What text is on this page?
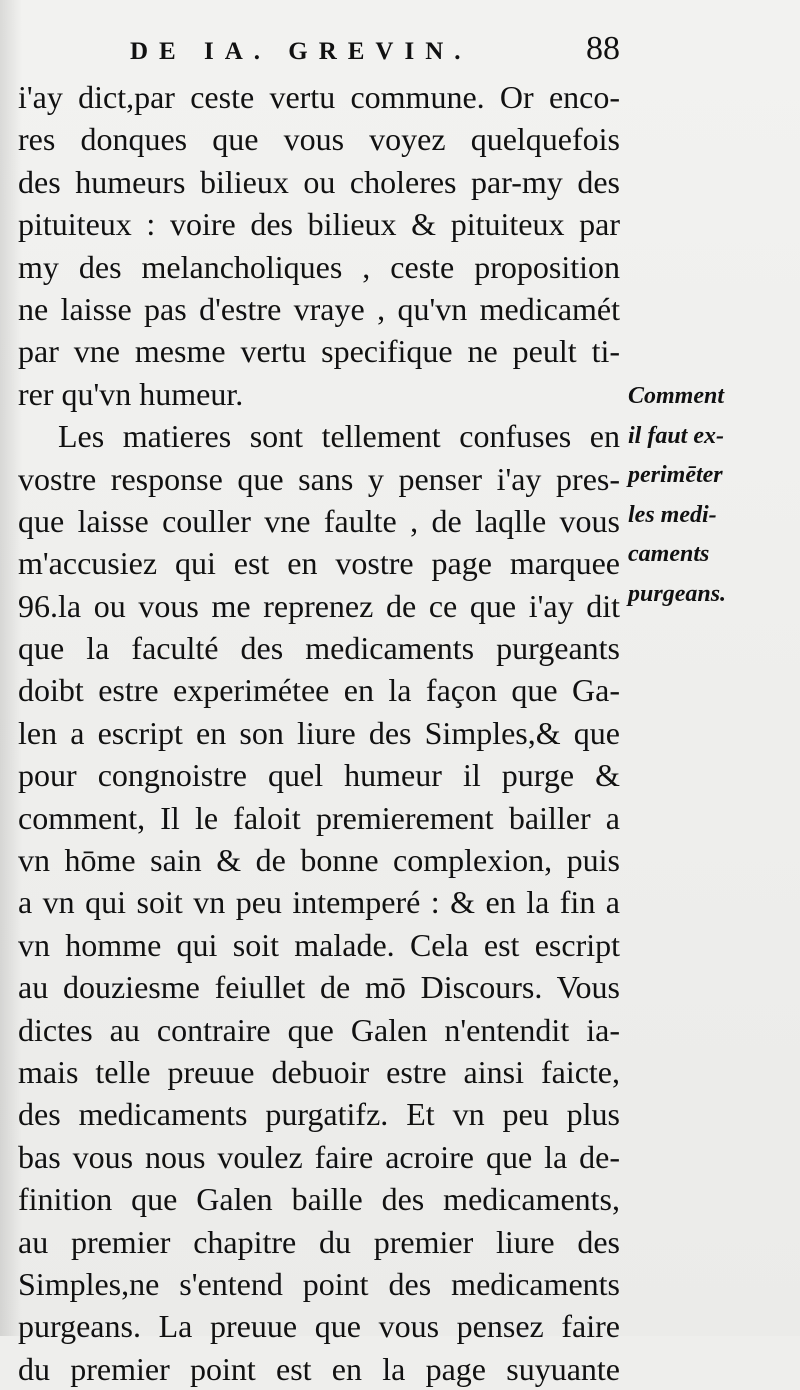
DE IA. GREVIN.	88
i'ay dict,par ceste vertu commune. Or enco-
res donques que vous voyez quelquefois
des humeurs bilieux ou choleres par-my des
pituiteux : voire des bilieux & pituiteux par
my des melancholiques , ceste proposition
ne laisse pas d'estre vraye , qu'vn medicamét
par vne mesme vertu specifique ne peult ti-
rer qu'vn humeur.
Les matieres sont tellement confuses en
vostre response que sans y penser i'ay pres-
que laisse couller vne faulte , de laqlle vous
m'accusiez qui est en vostre page marquee
96.la ou vous me reprenez de ce que i'ay dit
que la faculté des medicaments purgeants
doibt estre experimétee en la façon que Ga-
len a escript en son liure des Simples,& que
pour congnoistre quel humeur il purge &
comment, Il le faloit premierement bailler a
vn hōme sain & de bonne complexion, puis
a vn qui soit vn peu intemperé : & en la fin a
vn homme qui soit malade. Cela est escript
au douziesme feiullet de mō Discours. Vous
dictes au contraire que Galen n'entendit ia-
mais telle preuue debuoir estre ainsi faicte,
des medicaments purgatifz. Et vn peu plus
bas vous nous voulez faire acroire que la de-
finition que Galen baille des medicaments,
au premier chapitre du premier liure des
Simples,ne s'entend point des medicaments
purgeans. La preuue que vous pensez faire
du premier point est en la page suyuante
Comment
il faut ex-
perimēter
les medi-
caments
purgeans.
